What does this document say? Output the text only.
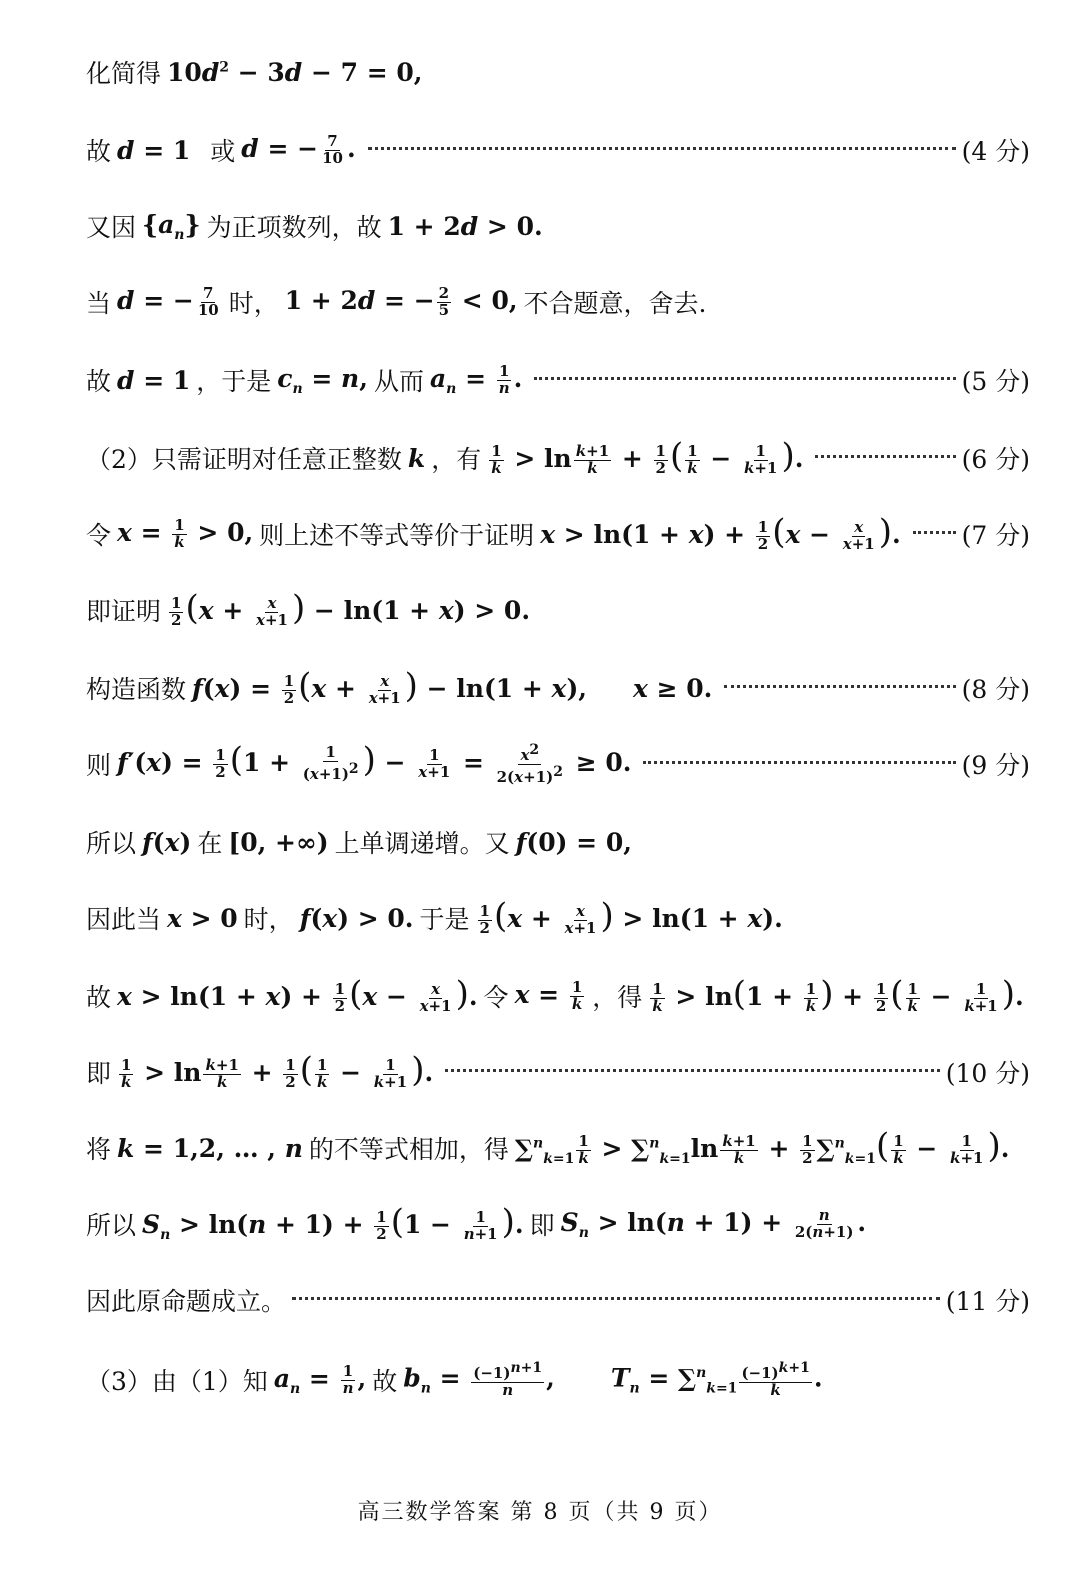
化简得 $10d^2 - 3d - 7 = 0$,
故 d = 1 或 d = − $\frac{7}{10}$ .	(4 分)
又因 $\{a_n\}$ 为正项数列，故 1 + 2d > 0.
当 d = − $\frac{7}{10}$ 时， 1 + 2d = − $\frac{2}{5} < 0$, 不合题意，舍去.
故 d = 1 ，于是 $c_n = n$, 从而 $a_n = \frac{1}{n}$ .	(5 分)
（2）只需证明对任意正整数 k ，有 $\frac{1}{k} > \ln \frac{k+1}{k} + \frac{1}{2}$ ( $\frac{1}{k} - \frac{1}{k+1}$ ).	(6 分)
令 $x = \frac{1}{k} > 0$, 则上述不等式等价于证明 $x > \ln(1 + x) + \frac{1}{2} (x - \frac{x}{x+1}$ ). (7 分)
即证明 $\frac{1}{2} (x + \frac{x}{x+1}$ ) − ln(1 + x) > 0.
构造函数 $f(x) = \frac{1}{2} (x + \frac{x}{x+1}$ ) − ln(1 + x), x ≥ 0.	(8 分)
则 $f'(x) = \frac{1}{2} (1 + \frac{1}{(x+1)^2}$ ) − $\frac{1}{x+1} = \frac{x^2}{2(x+1)^2} \ge 0$.	(9 分)
所以 f(x) 在 [0, +∞) 上单调递增。又 f(0) = 0,
因此当 x > 0 时， f(x) > 0. 于是 $\frac{1}{2} (x + \frac{x}{x+1}$ ) > ln(1 + x).
故 $x > \ln(1 + x) + \frac{1}{2} (x - \frac{x}{x+1}$ ). 令 $x = \frac{1}{k}$ ，得 $\frac{1}{k} > \ln(1 + \frac{1}{k}$ ) + $\frac{1}{2}$ ( $\frac{1}{k} - \frac{1}{k+1}$ ).
即 $\frac{1}{k} > \ln \frac{k+1}{k} + \frac{1}{2}$ ( $\frac{1}{k} - \frac{1}{k+1}$ ).	(10 分)
将 k = 1,2, … , n 的不等式相加，得 $\sum^n_{k=1} \frac{1}{k} > \sum^n_{k=1}\ln \frac{k+1}{k} + \frac{1}{2} \sum^n_{k=1}( \frac{1}{k} - \frac{1}{k+1}$ ).
所以 $S_n > \ln(n + 1) + \frac{1}{2} (1 - \frac{1}{n+1}$ ). 即 $S_n > \ln(n + 1) + \frac{n}{2(n+1)}$ .
因此原命题成立。	(11 分)
（3）由（1）知 $a_n = \frac{1}{n}$ , 故 $b_n = \frac{(-1)^{n+1}}{n}$ , $T_n = \sum^n_{k=1} \frac{(-1)^{k+1}}{k}$ .
高三数学答案 第 8 页（共 9 页）
